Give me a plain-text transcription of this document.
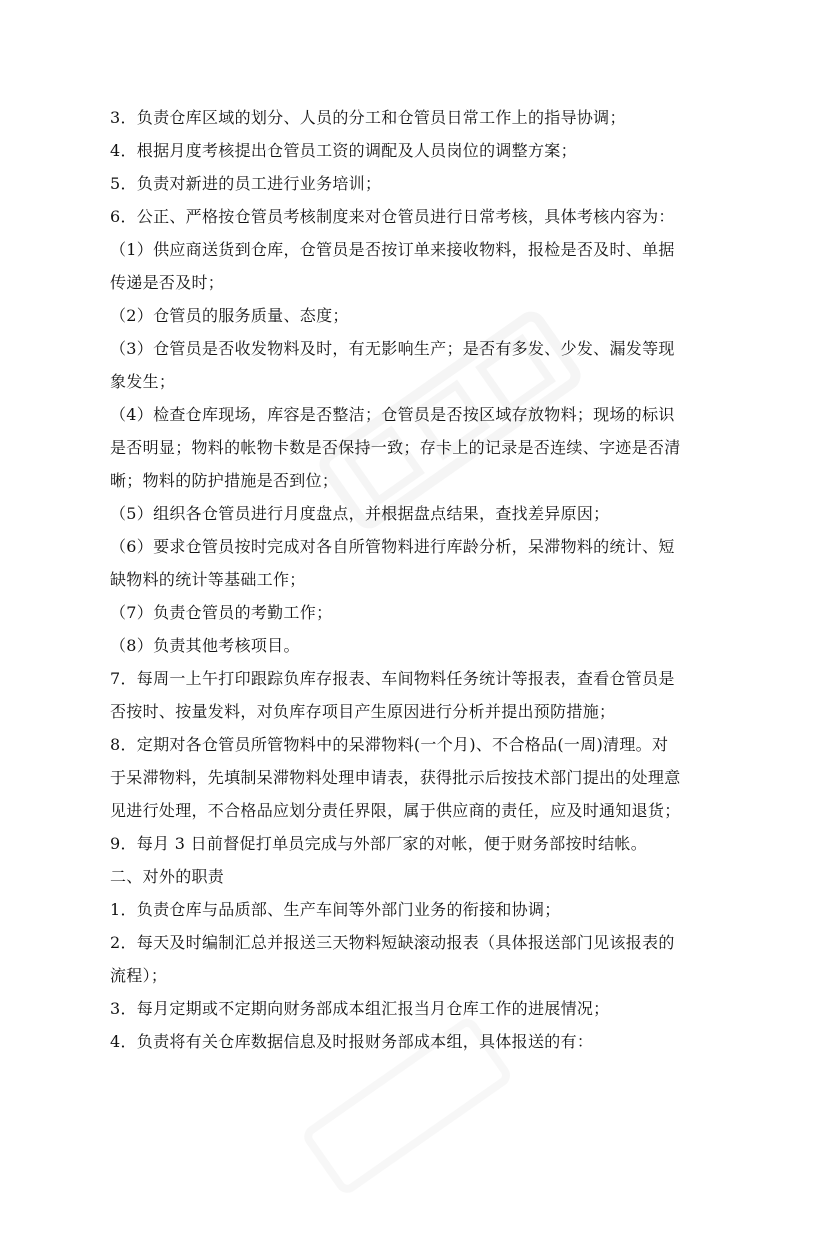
3．负责仓库区域的划分、人员的分工和仓管员日常工作上的指导协调；
4．根据月度考核提出仓管员工资的调配及人员岗位的调整方案；
5．负责对新进的员工进行业务培训；
6．公正、严格按仓管员考核制度来对仓管员进行日常考核，具体考核内容为：
（1）供应商送货到仓库，仓管员是否按订单来接收物料，报检是否及时、单据
传递是否及时；
（2）仓管员的服务质量、态度；
（3）仓管员是否收发物料及时，有无影响生产；是否有多发、少发、漏发等现
象发生；
（4）检查仓库现场，库容是否整洁；仓管员是否按区域存放物料；现场的标识
是否明显；物料的帐物卡数是否保持一致；存卡上的记录是否连续、字迹是否清
晰；物料的防护措施是否到位；
（5）组织各仓管员进行月度盘点，并根据盘点结果，查找差异原因；
（6）要求仓管员按时完成对各自所管物料进行库龄分析，呆滞物料的统计、短
缺物料的统计等基础工作；
（7）负责仓管员的考勤工作；
（8）负责其他考核项目。
7．每周一上午打印跟踪负库存报表、车间物料任务统计等报表，查看仓管员是
否按时、按量发料，对负库存项目产生原因进行分析并提出预防措施；
8．定期对各仓管员所管物料中的呆滞物料(一个月)、不合格品(一周)清理。对
于呆滞物料，先填制呆滞物料处理申请表，获得批示后按技术部门提出的处理意
见进行处理，不合格品应划分责任界限，属于供应商的责任，应及时通知退货；
9．每月 3 日前督促打单员完成与外部厂家的对帐，便于财务部按时结帐。
二、对外的职责
1．负责仓库与品质部、生产车间等外部门业务的衔接和协调；
2．每天及时编制汇总并报送三天物料短缺滚动报表（具体报送部门见该报表的
流程）；
3．每月定期或不定期向财务部成本组汇报当月仓库工作的进展情况；
4．负责将有关仓库数据信息及时报财务部成本组，具体报送的有：
